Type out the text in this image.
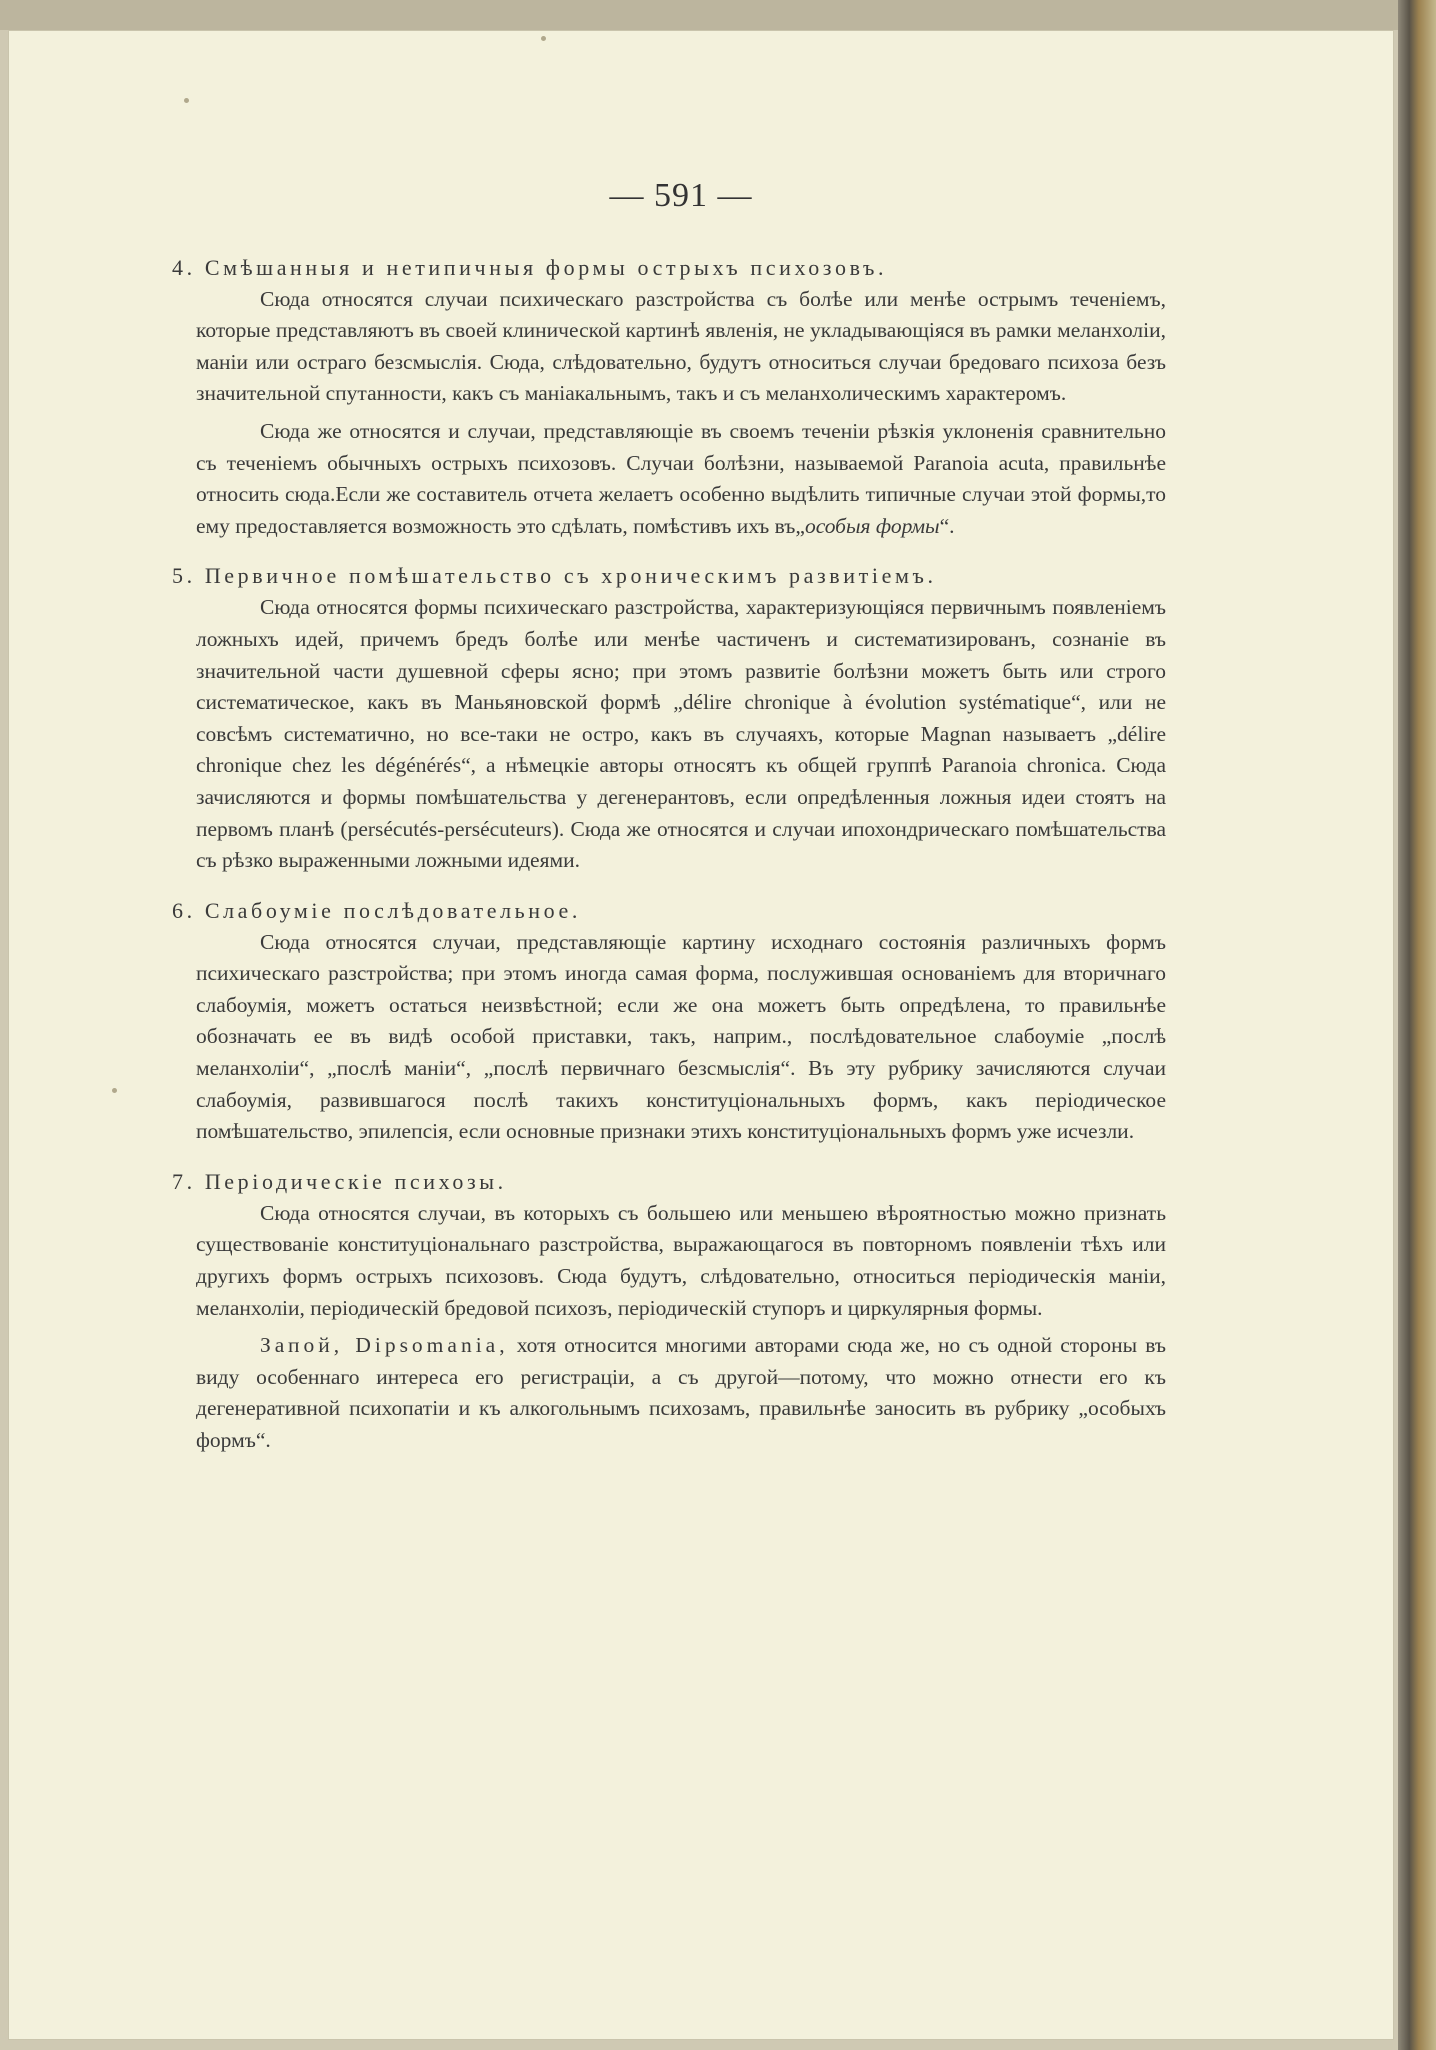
— 591 —

4. Смѣшанныя и нетипичныя формы острыхъ психозовъ.

Сюда относятся случаи психическаго разстройства съ болѣе или менѣе острымъ теченіемъ, которые представляютъ въ своей клинической картинѣ явленія, не укладывающіяся въ рамки меланхоліи, маніи или остраго безсмыслія. Сюда, слѣдовательно, будутъ относиться случаи бредоваго психоза безъ значительной спутанности, какъ съ маніакальнымъ, такъ и съ меланхолическимъ характеромъ.

Сюда же относятся и случаи, представляющіе въ своемъ теченіи рѣзкія уклоненія сравнительно съ теченіемъ обычныхъ острыхъ психозовъ. Случаи болѣзни, называемой Paranoia acuta, правильнѣе относить сюда.Если же составитель отчета желаетъ особенно выдѣлить типичные случаи этой формы,то ему предоставляется возможность это сдѣлать, помѣстивъ ихъ въ„особыя формы“.

5. Первичное помѣшательство съ хроническимъ развитіемъ.

Сюда относятся формы психическаго разстройства, характеризующіяся первичнымъ появленіемъ ложныхъ идей, причемъ бредъ болѣе или менѣе частиченъ и систематизированъ, сознаніе въ значительной части душевной сферы ясно; при этомъ развитіе болѣзни можетъ быть или строго систематическое, какъ въ Маньяновской формѣ „délire chronique à évolution systématique“, или не совсѣмъ систематично, но все-таки не остро, какъ въ случаяхъ, которые Magnan называетъ „délire chronique chez les dégénérés“, а нѣмецкіе авторы относятъ къ общей группѣ Paranoia chronica. Сюда зачисляются и формы помѣшательства у дегенерантовъ, если опредѣленныя ложныя идеи стоятъ на первомъ планѣ (persécutés-persécuteurs). Сюда же относятся и случаи ипохондрическаго помѣшательства съ рѣзко выраженными ложными идеями.

6. Слабоуміе послѣдовательное.

Сюда относятся случаи, представляющіе картину исходнаго состоянія различныхъ формъ психическаго разстройства; при этомъ иногда самая форма, послужившая основаніемъ для вторичнаго слабоумія, можетъ остаться неизвѣстной; если же она можетъ быть опредѣлена, то правильнѣе обозначать ее въ видѣ особой приставки, такъ, наприм., послѣдовательное слабоуміе „послѣ меланхоліи“, „послѣ маніи“, „послѣ первичнаго безсмыслія“. Въ эту рубрику зачисляются случаи слабоумія, развившагося послѣ такихъ конституціональныхъ формъ, какъ періодическое помѣшательство, эпилепсія, если основные признаки этихъ конституціональныхъ формъ уже исчезли.

7. Періодическіе психозы.

Сюда относятся случаи, въ которыхъ съ большею или меньшею вѣроятностью можно признать существованіе конституціональнаго разстройства, выражающагося въ повторномъ появленіи тѣхъ или другихъ формъ острыхъ психозовъ. Сюда будутъ, слѣдовательно, относиться періодическія маніи, меланхоліи, періодическій бредовой психозъ, періодическій ступоръ и циркулярныя формы.

Запой, Dipsomania, хотя относится многими авторами сюда же, но съ одной стороны въ виду особеннаго интереса его регистраціи, а съ другой—потому, что можно отнести его къ дегенеративной психопатіи и къ алкогольнымъ психозамъ, правильнѣе заносить въ рубрику „особыхъ формъ“.
